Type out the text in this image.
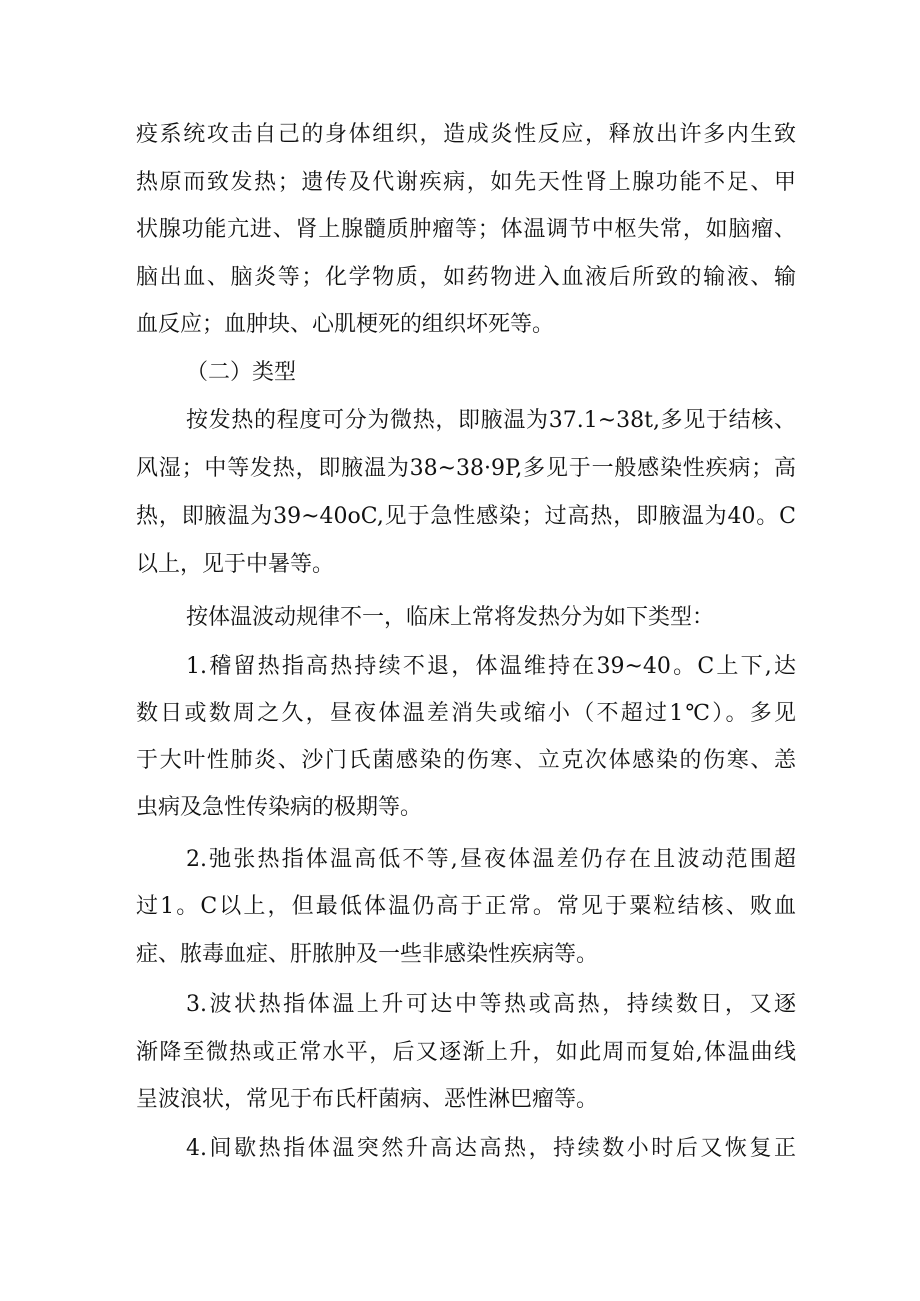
疫系统攻击自己的身体组织，造成炎性反应，释放出许多内生致
热原而致发热；遗传及代谢疾病，如先天性肾上腺功能不足、甲
状腺功能亢进、肾上腺髓质肿瘤等；体温调节中枢失常，如脑瘤、
脑出血、脑炎等；化学物质，如药物进入血液后所致的输液、输
血反应；血肿块、心肌梗死的组织坏死等。
（二）类型
按发热的程度可分为微热，即腋温为37.1~38t,多见于结核、
风湿；中等发热，即腋温为38~38·9P,多见于一般感染性疾病；高
热，即腋温为39~40oC,见于急性感染；过高热，即腋温为40。C
以上，见于中暑等。
按体温波动规律不一，临床上常将发热分为如下类型：
1.稽留热指高热持续不退，体温维持在39~40。C上下,达
数日或数周之久，昼夜体温差消失或缩小（不超过1℃）。多见
于大叶性肺炎、沙门氏菌感染的伤寒、立克次体感染的伤寒、恙
虫病及急性传染病的极期等。
2.弛张热指体温高低不等,昼夜体温差仍存在且波动范围超
过1。C以上，但最低体温仍高于正常。常见于粟粒结核、败血
症、脓毒血症、肝脓肿及一些非感染性疾病等。
3.波状热指体温上升可达中等热或高热，持续数日，又逐
渐降至微热或正常水平，后又逐渐上升，如此周而复始,体温曲线
呈波浪状，常见于布氏杆菌病、恶性淋巴瘤等。
4.间歇热指体温突然升高达高热，持续数小时后又恢复正
